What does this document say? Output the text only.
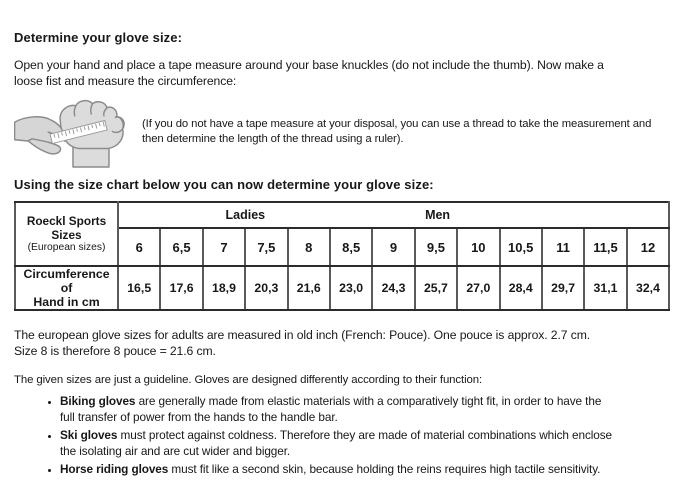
Determine your glove size:
Open your hand and place a tape measure around your base knuckles (do not include the thumb). Now make a loose fist and measure the circumference:
(If you do not have a tape measure at your disposal, you can use a thread to take the measurement and then determine the length of the thread using a ruler).
Using the size chart below you can now determine your glove size:
Roeckl Sports
Sizes
(European sizes)

Ladies	Men

	6	6,5	7	7,5	8	8,5	9	9,5	10	10,5	11	11,5	12

Circumference of
Hand in cm	16,5	17,6	18,9	20,3	21,6	23,0	24,3	25,7	27,0	28,4	29,7	31,1	32,4
The european glove sizes for adults are measured in old inch (French: Pouce). One pouce is approx. 2.7 cm.
Size 8 is therefore 8 pouce = 21.6 cm.
The given sizes are just a guideline. Gloves are designed differently according to their function:
• Biking gloves are generally made from elastic materials with a comparatively tight fit, in order to have the full transfer of power from the hands to the handle bar.
• Ski gloves must protect against coldness. Therefore they are made of material combinations which enclose the isolating air and are cut wider and bigger.
• Horse riding gloves must fit like a second skin, because holding the reins requires high tactile sensitivity.
